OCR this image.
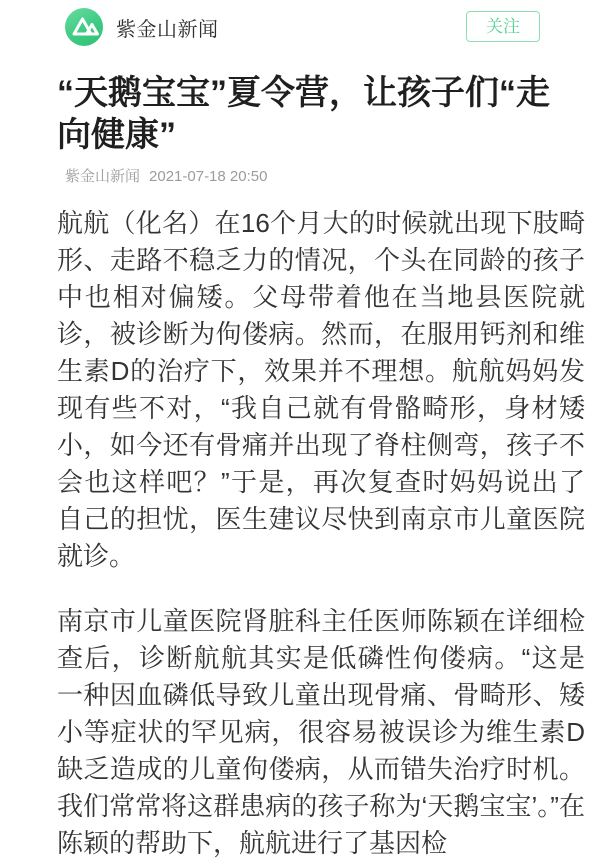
紫金山新闻	关注
“天鹅宝宝”夏令营，让孩子们“走向健康”
紫金山新闻 2021-07-18 20:50

航航（化名）在16个月大的时候就出现下肢畸形、走路不稳乏力的情况，个头在同龄的孩子中也相对偏矮。父母带着他在当地县医院就诊，被诊断为佝偻病。然而，在服用钙剂和维生素D的治疗下，效果并不理想。航航妈妈发现有些不对，“我自己就有骨骼畸形，身材矮小，如今还有骨痛并出现了脊柱侧弯，孩子不会也这样吧？”于是，再次复查时妈妈说出了自己的担忧，医生建议尽快到南京市儿童医院就诊。

南京市儿童医院肾脏科主任医师陈颖在详细检查后，诊断航航其实是低磷性佝偻病。“这是一种因血磷低导致儿童出现骨痛、骨畸形、矮小等症状的罕见病，很容易被误诊为维生素D缺乏造成的儿童佝偻病，从而错失治疗时机。我们常常将这群患病的孩子称为‘天鹅宝宝’。”在陈颖的帮助下，航航进行了基因检
